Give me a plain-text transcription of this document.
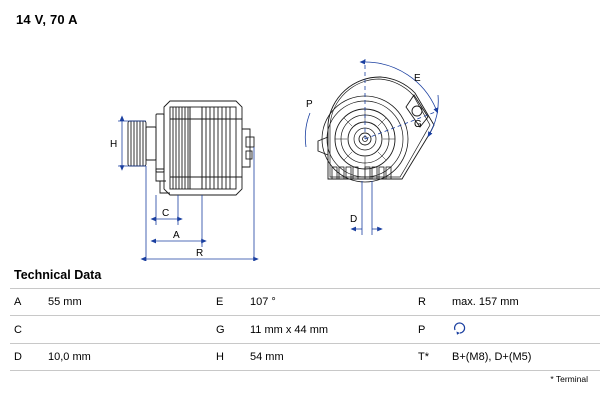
14 V, 70 A
H
C
A
R
E
P
G
D
Technical Data
A	55 mm	E	107 °	R	max. 157 mm
C		G	11 mm x 44 mm	P	
D	10,0 mm	H	54 mm	T*	B+(M8), D+(M5)
* Terminal
